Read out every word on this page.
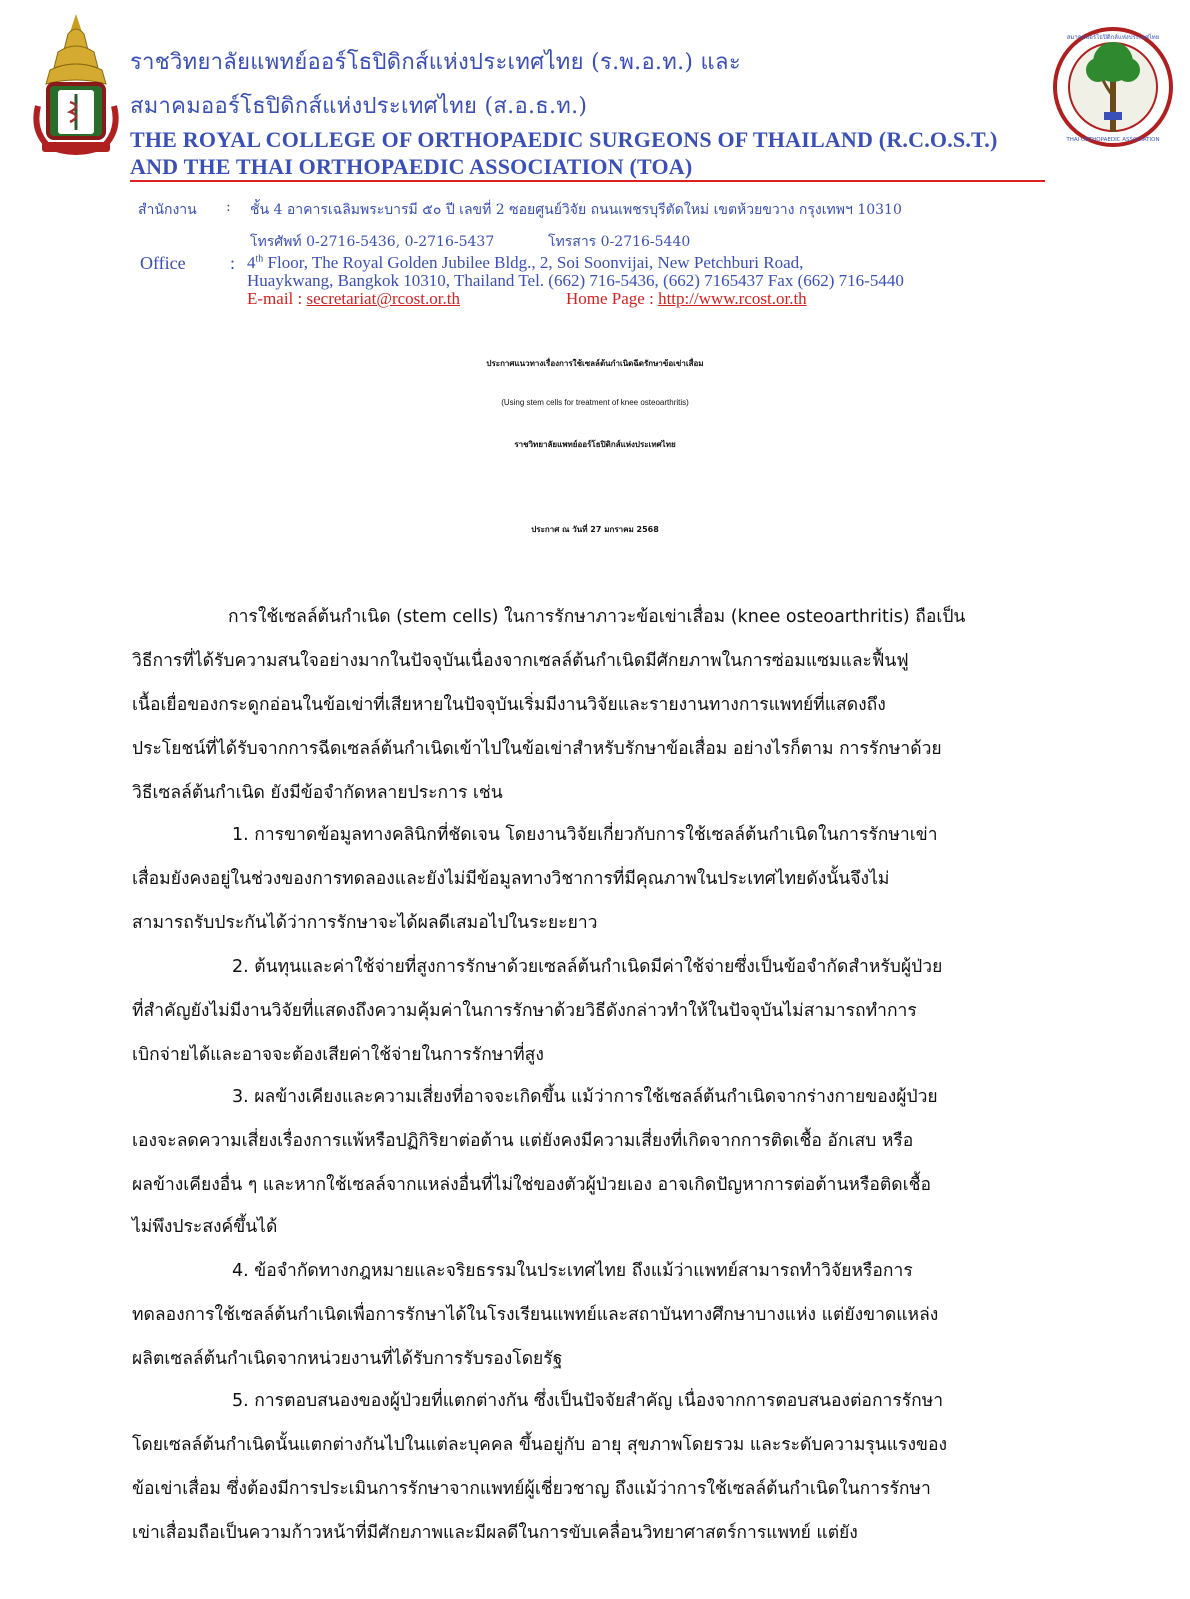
สมาคมออร์โธปิดิกส์แห่งประเทศไทย
THAI ORTHOPAEDIC ASSOCIATION
ราชวิทยาลัยแพทย์ออร์โธปิดิกส์แห่งประเทศไทย (ร.พ.อ.ท.) และ
สมาคมออร์โธปิดิกส์แห่งประเทศไทย (ส.อ.ธ.ท.)
THE ROYAL COLLEGE OF ORTHOPAEDIC SURGEONS OF THAILAND (R.C.O.S.T.)
AND THE THAI ORTHOPAEDIC ASSOCIATION (TOA)
สำนักงาน : ชั้น 4 อาคารเฉลิมพระบารมี ๕๐ ปี เลขที่ 2 ซอยศูนย์วิจัย ถนนเพชรบุรีตัดใหม่ เขตห้วยขวาง กรุงเทพฯ 10310
โทรศัพท์ 0-2716-5436, 0-2716-5437	โทรสาร 0-2716-5440
Office : 4th Floor, The Royal Golden Jubilee Bldg., 2, Soi Soonvijai, New Petchburi Road,
Huaykwang, Bangkok 10310, Thailand Tel. (662) 716-5436, (662) 7165437 Fax (662) 716-5440
E-mail : secretariat@rcost.or.th	Home Page : http://www.rcost.or.th
ประกาศแนวทางเรื่องการใช้เซลล์ต้นกำเนิดฉีดรักษาข้อเข่าเสื่อม
(Using stem cells for treatment of knee osteoarthritis)
ราชวิทยาลัยแพทย์ออร์โธปิดิกส์แห่งประเทศไทย
ประกาศ ณ วันที่ 27 มกราคม 2568
การใช้เซลล์ต้นกำเนิด (stem cells) ในการรักษาภาวะข้อเข่าเสื่อม (knee osteoarthritis) ถือเป็น
วิธีการที่ได้รับความสนใจอย่างมากในปัจจุบันเนื่องจากเซลล์ต้นกำเนิดมีศักยภาพในการซ่อมแซมและฟื้นฟู
เนื้อเยื่อของกระดูกอ่อนในข้อเข่าที่เสียหายในปัจจุบันเริ่มมีงานวิจัยและรายงานทางการแพทย์ที่แสดงถึง
ประโยชน์ที่ได้รับจากการฉีดเซลล์ต้นกำเนิดเข้าไปในข้อเข่าสำหรับรักษาข้อเสื่อม อย่างไรก็ตาม การรักษาด้วย
วิธีเซลล์ต้นกำเนิด ยังมีข้อจำกัดหลายประการ เช่น
1. การขาดข้อมูลทางคลินิกที่ชัดเจน โดยงานวิจัยเกี่ยวกับการใช้เซลล์ต้นกำเนิดในการรักษาเข่า
เสื่อมยังคงอยู่ในช่วงของการทดลองและยังไม่มีข้อมูลทางวิชาการที่มีคุณภาพในประเทศไทยดังนั้นจึงไม่
สามารถรับประกันได้ว่าการรักษาจะได้ผลดีเสมอไปในระยะยาว
2. ต้นทุนและค่าใช้จ่ายที่สูงการรักษาด้วยเซลล์ต้นกำเนิดมีค่าใช้จ่ายซึ่งเป็นข้อจำกัดสำหรับผู้ป่วย
ที่สำคัญยังไม่มีงานวิจัยที่แสดงถึงความคุ้มค่าในการรักษาด้วยวิธีดังกล่าวทำให้ในปัจจุบันไม่สามารถทำการ
เบิกจ่ายได้และอาจจะต้องเสียค่าใช้จ่ายในการรักษาที่สูง
3. ผลข้างเคียงและความเสี่ยงที่อาจจะเกิดขึ้น แม้ว่าการใช้เซลล์ต้นกำเนิดจากร่างกายของผู้ป่วย
เองจะลดความเสี่ยงเรื่องการแพ้หรือปฏิกิริยาต่อต้าน แต่ยังคงมีความเสี่ยงที่เกิดจากการติดเชื้อ อักเสบ หรือ
ผลข้างเคียงอื่น ๆ และหากใช้เซลล์จากแหล่งอื่นที่ไม่ใช่ของตัวผู้ป่วยเอง อาจเกิดปัญหาการต่อต้านหรือติดเชื้อ
ไม่พึงประสงค์ขึ้นได้
4. ข้อจำกัดทางกฎหมายและจริยธรรมในประเทศไทย ถึงแม้ว่าแพทย์สามารถทำวิจัยหรือการ
ทดลองการใช้เซลล์ต้นกำเนิดเพื่อการรักษาได้ในโรงเรียนแพทย์และสถาบันทางศึกษาบางแห่ง แต่ยังขาดแหล่ง
ผลิตเซลล์ต้นกำเนิดจากหน่วยงานที่ได้รับการรับรองโดยรัฐ
5. การตอบสนองของผู้ป่วยที่แตกต่างกัน ซึ่งเป็นปัจจัยสำคัญ เนื่องจากการตอบสนองต่อการรักษา
โดยเซลล์ต้นกำเนิดนั้นแตกต่างกันไปในแต่ละบุคคล ขึ้นอยู่กับ อายุ สุขภาพโดยรวม และระดับความรุนแรงของ
ข้อเข่าเสื่อม ซึ่งต้องมีการประเมินการรักษาจากแพทย์ผู้เชี่ยวชาญ ถึงแม้ว่าการใช้เซลล์ต้นกำเนิดในการรักษา
เข่าเสื่อมถือเป็นความก้าวหน้าที่มีศักยภาพและมีผลดีในการขับเคลื่อนวิทยาศาสตร์การแพทย์ แต่ยัง
